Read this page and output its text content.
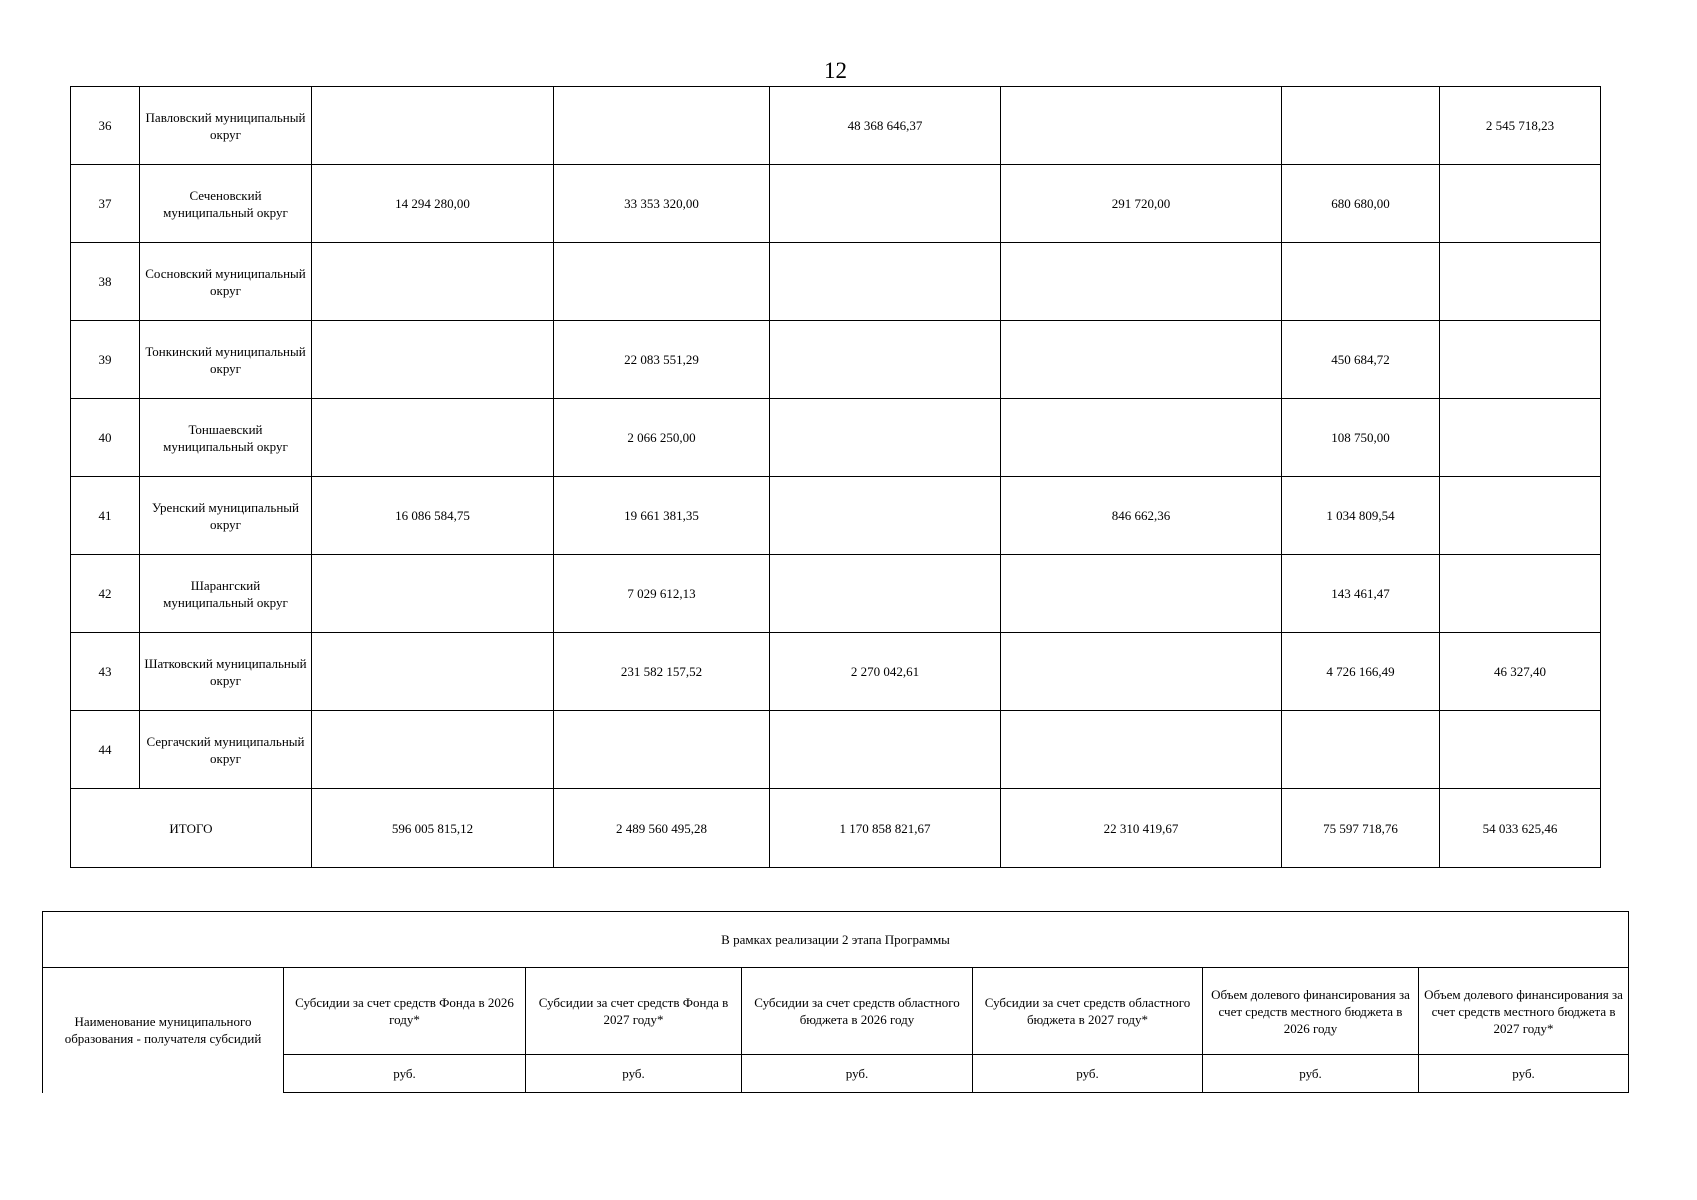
12
36	Павловский муниципальный округ			48 368 646,37			2 545 718,23
37	Сеченовский муниципальный округ	14 294 280,00	33 353 320,00		291 720,00	680 680,00	
38	Сосновский муниципальный округ						
39	Тонкинский муниципальный округ		22 083 551,29			450 684,72	
40	Тоншаевский муниципальный округ		2 066 250,00			108 750,00	
41	Уренский муниципальный округ	16 086 584,75	19 661 381,35		846 662,36	1 034 809,54	
42	Шарангский муниципальный округ		7 029 612,13			143 461,47	
43	Шатковский муниципальный округ		231 582 157,52	2 270 042,61		4 726 166,49	46 327,40
44	Сергачский муниципальный округ						
ИТОГО		596 005 815,12	2 489 560 495,28	1 170 858 821,67	22 310 419,67	75 597 718,76	54 033 625,46
В рамках реализации 2 этапа Программы						
Наименование муниципального образования - получателя субсидий	Субсидии за счет средств Фонда в 2026 году*	Субсидии за счет средств Фонда в 2027 году*	Субсидии за счет средств областного бюджета в 2026 году	Субсидии за счет средств областного бюджета в 2027 году*	Объем долевого финансирования за счет средств местного бюджета в 2026 году	Объем долевого финансирования за счет средств местного бюджета в 2027 году*
	руб.	руб.	руб.	руб.	руб.	руб.
